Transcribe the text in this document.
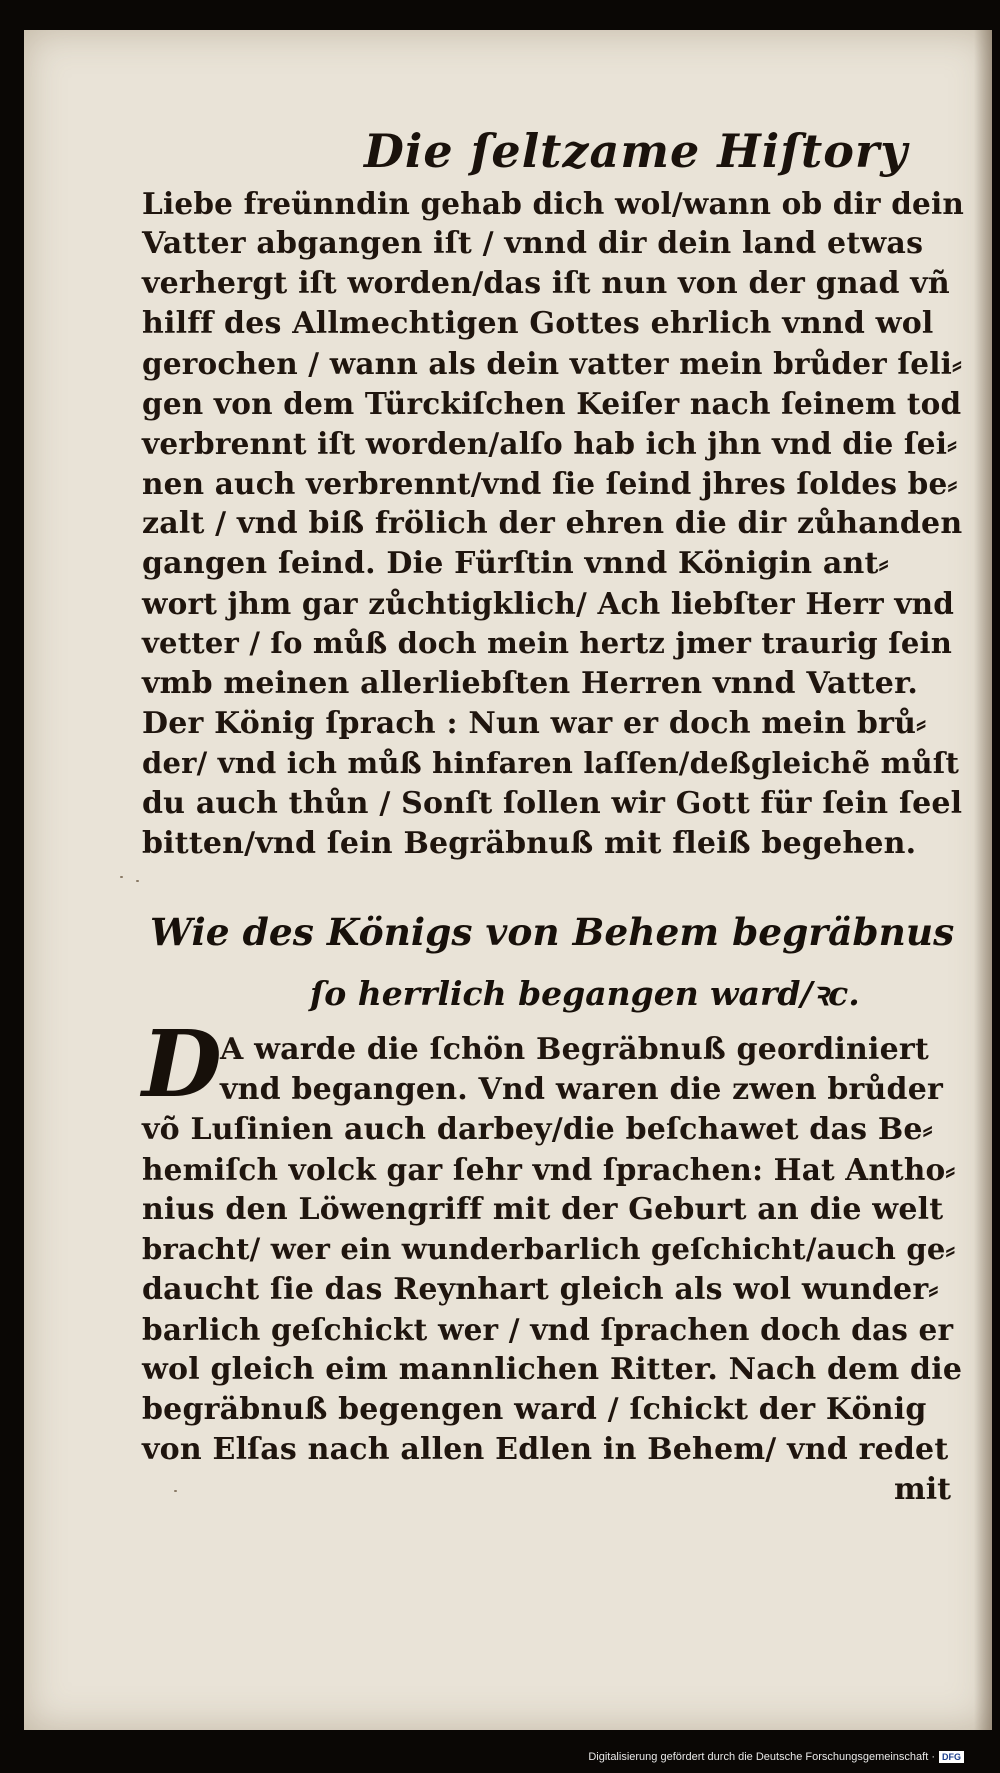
Die ſeltzame Hiſtory
Liebe freünndin gehab dich wol/wann ob dir dein
Vatter abgangen iſt / vnnd dir dein land etwas
verhergt iſt worden/das iſt nun von der gnad vñ
hilff des Allmechtigen Gottes ehrlich vnnd wol
gerochen / wann als dein vatter mein brůder ſeli⸗
gen von dem Türckiſchen Keiſer nach ſeinem tod
verbrennt iſt worden/alſo hab ich jhn vnd die ſei⸗
nen auch verbrennt/vnd ſie ſeind jhres ſoldes be⸗
zalt / vnd biß frölich der ehren die dir zůhanden
gangen ſeind. Die Fürſtin vnnd Königin ant⸗
wort jhm gar zůchtigklich/ Ach liebſter Herr vnd
vetter / ſo můß doch mein hertz jmer traurig ſein
vmb meinen allerliebſten Herren vnnd Vatter.
Der König ſprach : Nun war er doch mein brů⸗
der/ vnd ich můß hinfaren laſſen/deßgleichẽ můſt
du auch thůn / Sonſt ſollen wir Gott für ſein ſeel
bitten/vnd ſein Begräbnuß mit fleiß begehen.
Wie des Königs von Behem begräbnus
ſo herrlich begangen ward/ꝛc.
D
A warde die ſchön Begräbnuß geordiniert
vnd begangen. Vnd waren die zwen brůder
võ Luſinien auch darbey/die beſchawet das Be⸗
hemiſch volck gar ſehr vnd ſprachen: Hat Antho⸗
nius den Löwengriff mit der Geburt an die welt
bracht/ wer ein wunderbarlich geſchicht/auch ge⸗
daucht ſie das Reynhart gleich als wol wunder⸗
barlich geſchickt wer / vnd ſprachen doch das er
wol gleich eim mannlichen Ritter. Nach dem die
begräbnuß begengen ward / ſchickt der König
von Elſas nach allen Edlen in Behem/ vnd redet
mit
Digitalisierung gefördert durch die Deutsche Forschungsgemeinschaft · DFG
